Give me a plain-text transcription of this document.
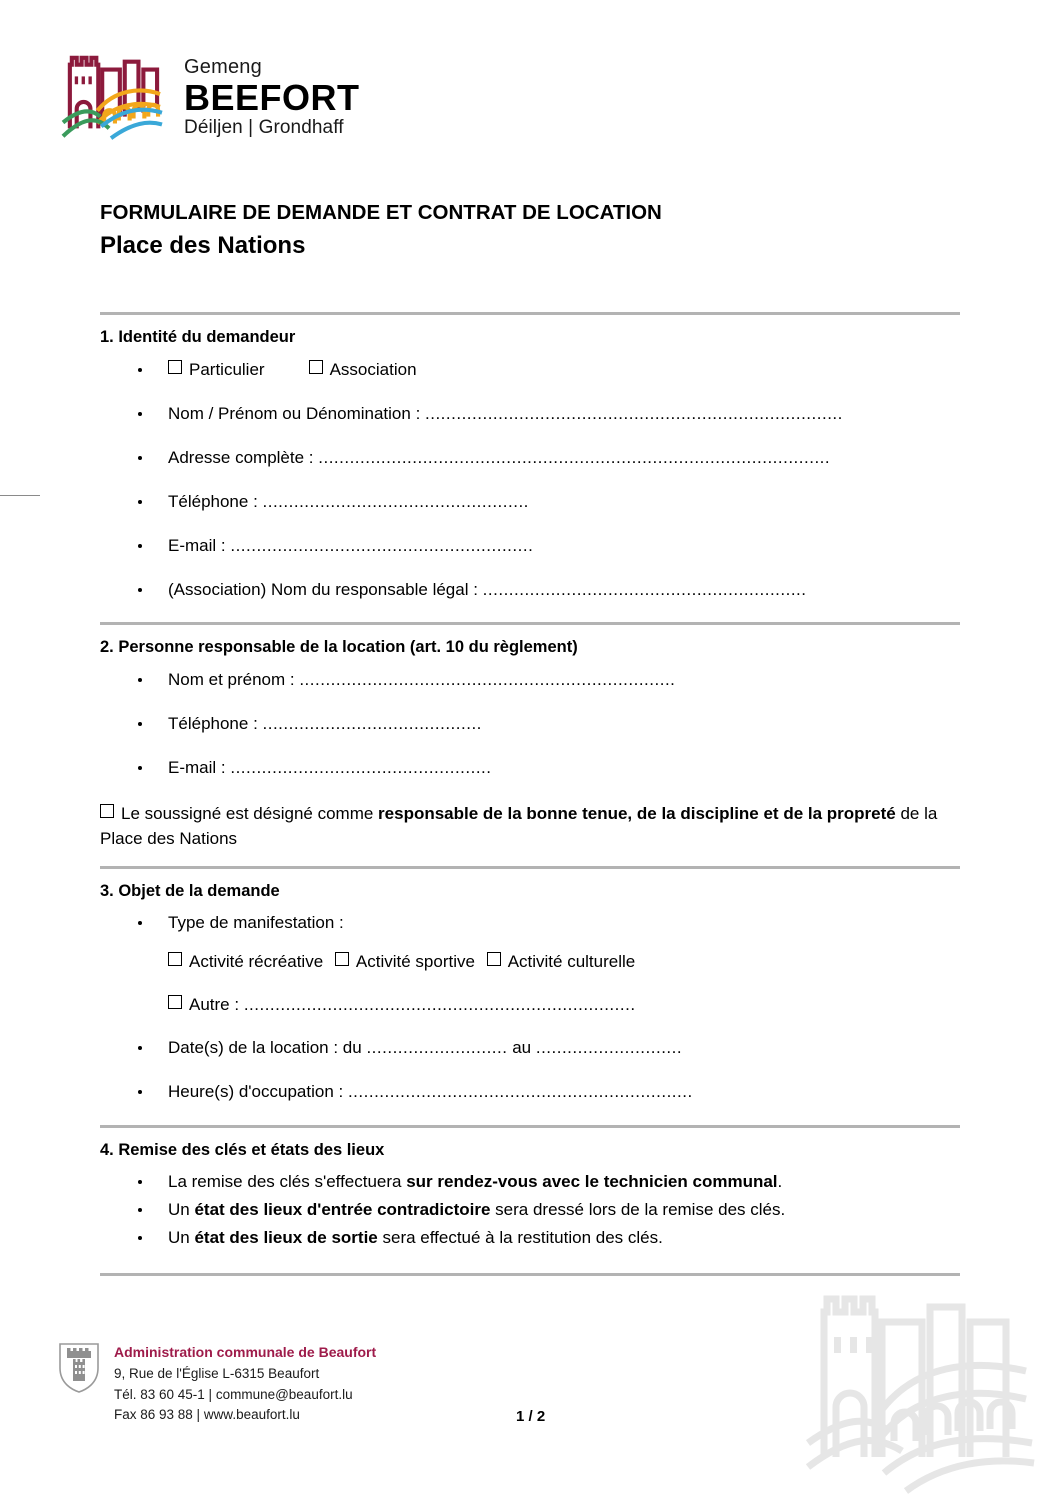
Gemeng
BEEFORT
Déiljen | Grondhaff
FORMULAIRE DE DEMANDE ET CONTRAT DE LOCATION
Place des Nations
1. Identité du demandeur
Particulier	Association
Nom / Prénom ou Dénomination : ................................................................................
Adresse complète : ..................................................................................................
Téléphone : ...................................................
E-mail : ..........................................................
(Association) Nom du responsable légal : ..............................................................
2. Personne responsable de la location (art. 10 du règlement)
Nom et prénom : ........................................................................
Téléphone : ..........................................
E-mail : ..................................................
Le soussigné est désigné comme responsable de la bonne tenue, de la discipline et de la propreté de la Place des Nations
3. Objet de la demande
Type de manifestation :
Activité récréative Activité sportive Activité culturelle
Autre : ...........................................................................
Date(s) de la location : du ........................... au ............................
Heure(s) d'occupation : ..................................................................
4. Remise des clés et états des lieux
La remise des clés s'effectuera sur rendez-vous avec le technicien communal.
Un état des lieux d'entrée contradictoire sera dressé lors de la remise des clés.
Un état des lieux de sortie sera effectué à la restitution des clés.
Administration communale de Beaufort
9, Rue de l'Église L-6315 Beaufort
Tél. 83 60 45-1 | commune@beaufort.lu
Fax 86 93 88 | www.beaufort.lu	1 / 2
